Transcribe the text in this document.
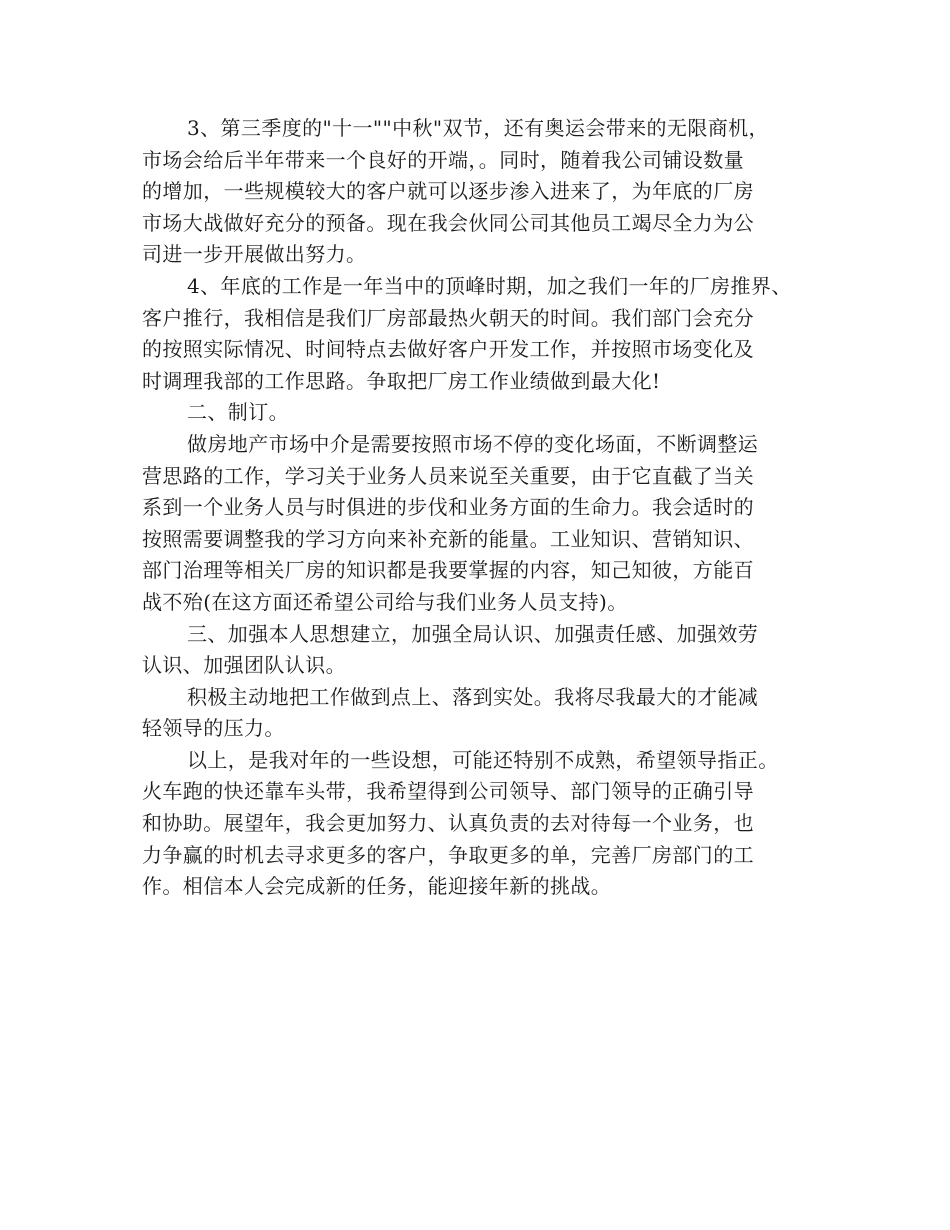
3、第三季度的"十一""中秋"双节，还有奥运会带来的无限商机，
市场会给后半年带来一个良好的开端，。同时，随着我公司铺设数量
的增加，一些规模较大的客户就可以逐步渗入进来了，为年底的厂房
市场大战做好充分的预备。现在我会伙同公司其他员工竭尽全力为公
司进一步开展做出努力。
4、年底的工作是一年当中的顶峰时期，加之我们一年的厂房推界、
客户推行，我相信是我们厂房部最热火朝天的时间。我们部门会充分
的按照实际情况、时间特点去做好客户开发工作，并按照市场变化及
时调理我部的工作思路。争取把厂房工作业绩做到最大化!
二、制订。
做房地产市场中介是需要按照市场不停的变化场面，不断调整运
营思路的工作，学习关于业务人员来说至关重要，由于它直截了当关
系到一个业务人员与时俱进的步伐和业务方面的生命力。我会适时的
按照需要调整我的学习方向来补充新的能量。工业知识、营销知识、
部门治理等相关厂房的知识都是我要掌握的内容，知己知彼，方能百
战不殆(在这方面还希望公司给与我们业务人员支持)。
三、加强本人思想建立，加强全局认识、加强责任感、加强效劳
认识、加强团队认识。
积极主动地把工作做到点上、落到实处。我将尽我最大的才能减
轻领导的压力。
以上，是我对年的一些设想，可能还特别不成熟，希望领导指正。
火车跑的快还靠车头带，我希望得到公司领导、部门领导的正确引导
和协助。展望年，我会更加努力、认真负责的去对待每一个业务，也
力争赢的时机去寻求更多的客户，争取更多的单，完善厂房部门的工
作。相信本人会完成新的任务，能迎接年新的挑战。
